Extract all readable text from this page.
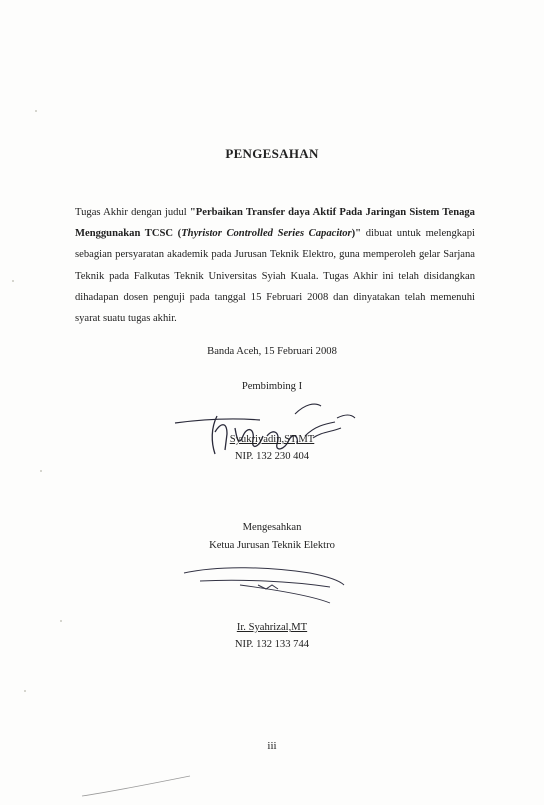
PENGESAHAN
Tugas Akhir dengan judul "Perbaikan Transfer daya Aktif Pada Jaringan Sistem Tenaga Menggunakan TCSC (Thyristor Controlled Series Capacitor)" dibuat untuk melengkapi sebagian persyaratan akademik pada Jurusan Teknik Elektro, guna memperoleh gelar Sarjana Teknik pada Falkutas Teknik Universitas Syiah Kuala. Tugas Akhir ini telah disidangkan dihadapan dosen penguji pada tanggal 15 Februari 2008 dan dinyatakan telah memenuhi syarat suatu tugas akhir.
Banda Aceh, 15 Februari 2008
Pembimbing I
Syukriyadin,ST,MT
NIP. 132 230 404
Mengesahkan
Ketua Jurusan Teknik Elektro
Ir. Syahrizal,MT
NIP. 132 133 744
iii
